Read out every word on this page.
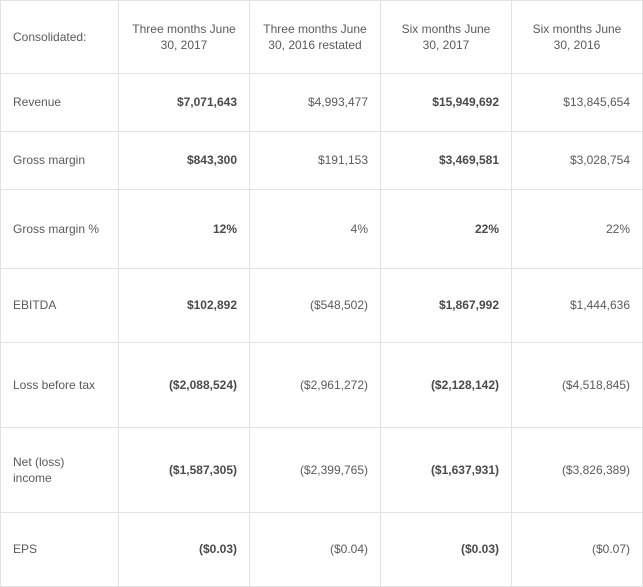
Consolidated:	Three months June 30, 2017	Three months June 30, 2016 restated	Six months June 30, 2017	Six months June 30, 2016
Revenue	$7,071,643	$4,993,477	$15,949,692	$13,845,654
Gross margin	$843,300	$191,153	$3,469,581	$3,028,754
Gross margin %	12%	4%	22%	22%
EBITDA	$102,892	($548,502)	$1,867,992	$1,444,636
Loss before tax	($2,088,524)	($2,961,272)	($2,128,142)	($4,518,845)
Net (loss) income	($1,587,305)	($2,399,765)	($1,637,931)	($3,826,389)
EPS	($0.03)	($0.04)	($0.03)	($0.07)
